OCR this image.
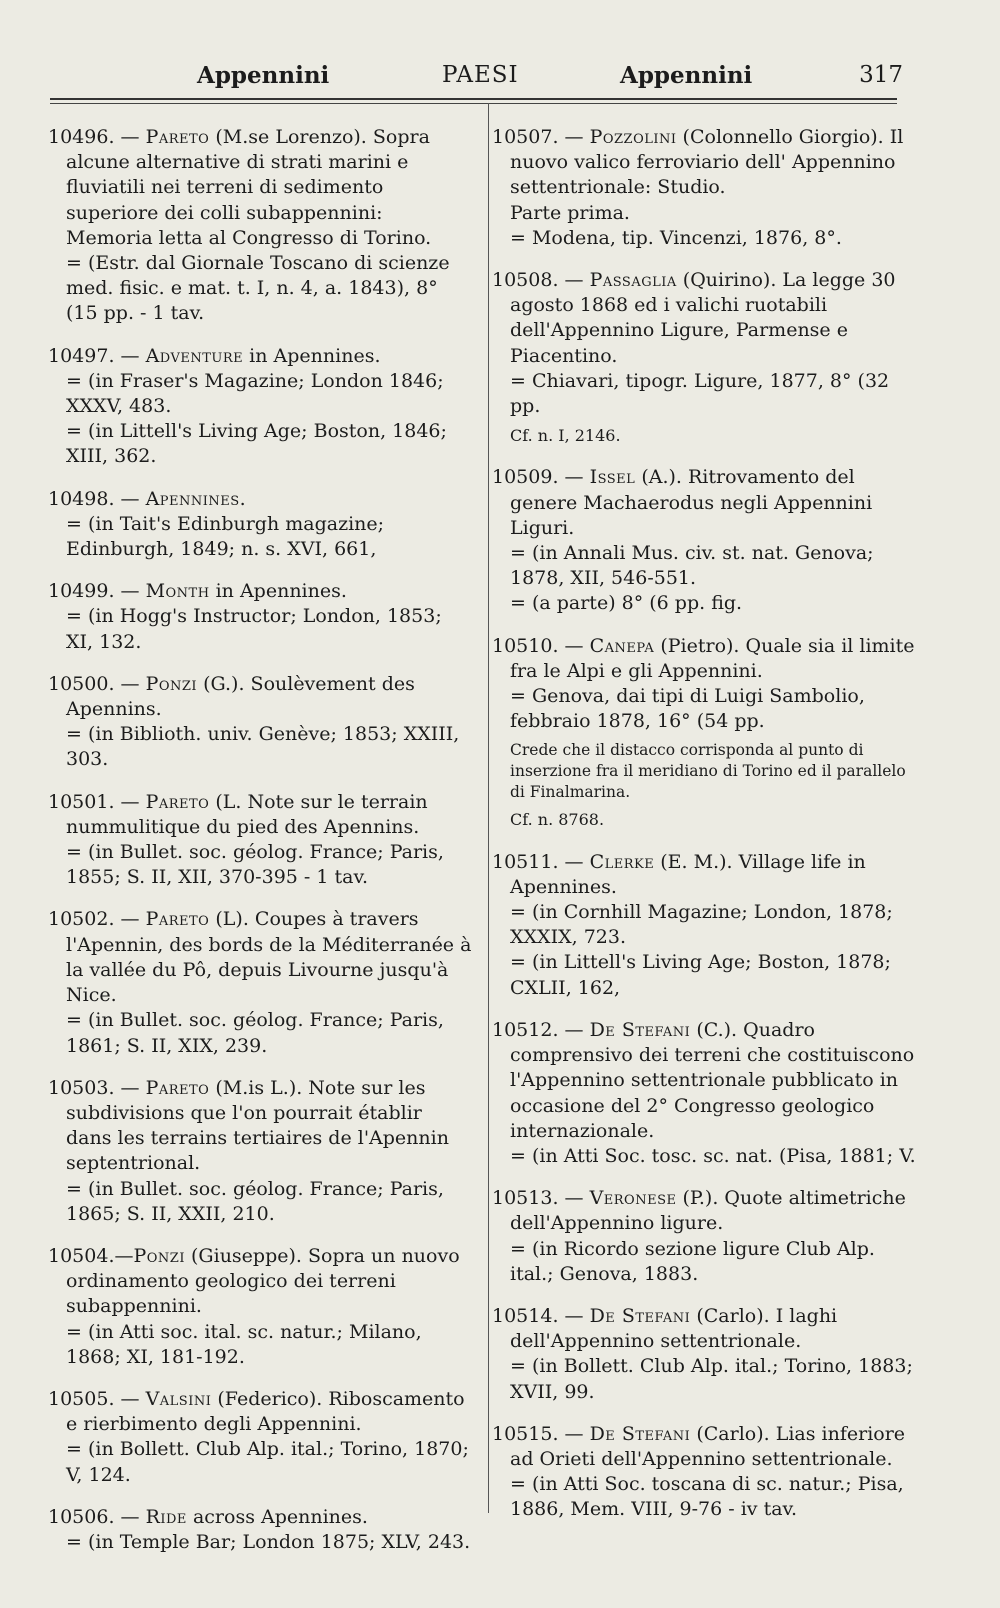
Appennini	PAESI	Appennini	317
10496. — Pareto (M.se Lorenzo). Sopra alcune alternative di strati marini e fluviatili nei terreni di sedimento superiore dei colli subappennini: Memoria letta al Congresso di Torino.
= (Estr. dal Giornale Toscano di scienze med. fisic. e mat. t. I, n. 4, a. 1843), 8° (15 pp. - 1 tav.
10497. — Adventure in Apennines.
= (in Fraser's Magazine; London 1846; XXXV, 483.
= (in Littell's Living Age; Boston, 1846; XIII, 362.
10498. — Apennines.
= (in Tait's Edinburgh magazine; Edinburgh, 1849; n. s. XVI, 661,
10499. — Month in Apennines.
= (in Hogg's Instructor; London, 1853; XI, 132.
10500. — Ponzi (G.). Soulèvement des Apennins.
= (in Biblioth. univ. Genève; 1853; XXIII, 303.
10501. — Pareto (L. Note sur le terrain nummulitique du pied des Apennins.
= (in Bullet. soc. géolog. France; Paris, 1855; S. II, XII, 370-395 - 1 tav.
10502. — Pareto (L). Coupes à travers l'Apennin, des bords de la Méditerranée à la vallée du Pô, depuis Livourne jusqu'à Nice.
= (in Bullet. soc. géolog. France; Paris, 1861; S. II, XIX, 239.
10503. — Pareto (M.is L.). Note sur les subdivisions que l'on pourrait établir dans les terrains tertiaires de l'Apennin septentrional.
= (in Bullet. soc. géolog. France; Paris, 1865; S. II, XXII, 210.
10504.—Ponzi (Giuseppe). Sopra un nuovo ordinamento geologico dei terreni subappennini.
= (in Atti soc. ital. sc. natur.; Milano, 1868; XI, 181-192.
10505. — Valsini (Federico). Riboscamento e rierbimento degli Appennini.
= (in Bollett. Club Alp. ital.; Torino, 1870; V, 124.
10506. — Ride across Apennines.
= (in Temple Bar; London 1875; XLV, 243.
10507. — Pozzolini (Colonnello Giorgio). Il nuovo valico ferroviario dell' Appennino settentrionale: Studio.
Parte prima.
= Modena, tip. Vincenzi, 1876, 8°.
10508. — Passaglia (Quirino). La legge 30 agosto 1868 ed i valichi ruotabili dell'Appennino Ligure, Parmense e Piacentino.
= Chiavari, tipogr. Ligure, 1877, 8° (32 pp.
Cf. n. I, 2146.
10509. — Issel (A.). Ritrovamento del genere Machaerodus negli Appennini Liguri.
= (in Annali Mus. civ. st. nat. Genova; 1878, XII, 546-551.
= (a parte) 8° (6 pp. fig.
10510. — Canepa (Pietro). Quale sia il limite fra le Alpi e gli Appennini.
= Genova, dai tipi di Luigi Sambolio, febbraio 1878, 16° (54 pp.
Crede che il distacco corrisponda al punto di inserzione fra il meridiano di Torino ed il parallelo di Finalmarina.
Cf. n. 8768.
10511. — Clerke (E. M.). Village life in Apennines.
= (in Cornhill Magazine; London, 1878; XXXIX, 723.
= (in Littell's Living Age; Boston, 1878; CXLII, 162,
10512. — De Stefani (C.). Quadro comprensivo dei terreni che costituiscono l'Appennino settentrionale pubblicato in occasione del 2° Congresso geologico internazionale.
= (in Atti Soc. tosc. sc. nat. (Pisa, 1881; V.
10513. — Veronese (P.). Quote altimetriche dell'Appennino ligure.
= (in Ricordo sezione ligure Club Alp. ital.; Genova, 1883.
10514. — De Stefani (Carlo). I laghi dell'Appennino settentrionale.
= (in Bollett. Club Alp. ital.; Torino, 1883; XVII, 99.
10515. — De Stefani (Carlo). Lias inferiore ad Orieti dell'Appennino settentrionale.
= (in Atti Soc. toscana di sc. natur.; Pisa, 1886, Mem. VIII, 9-76 - iv tav.
